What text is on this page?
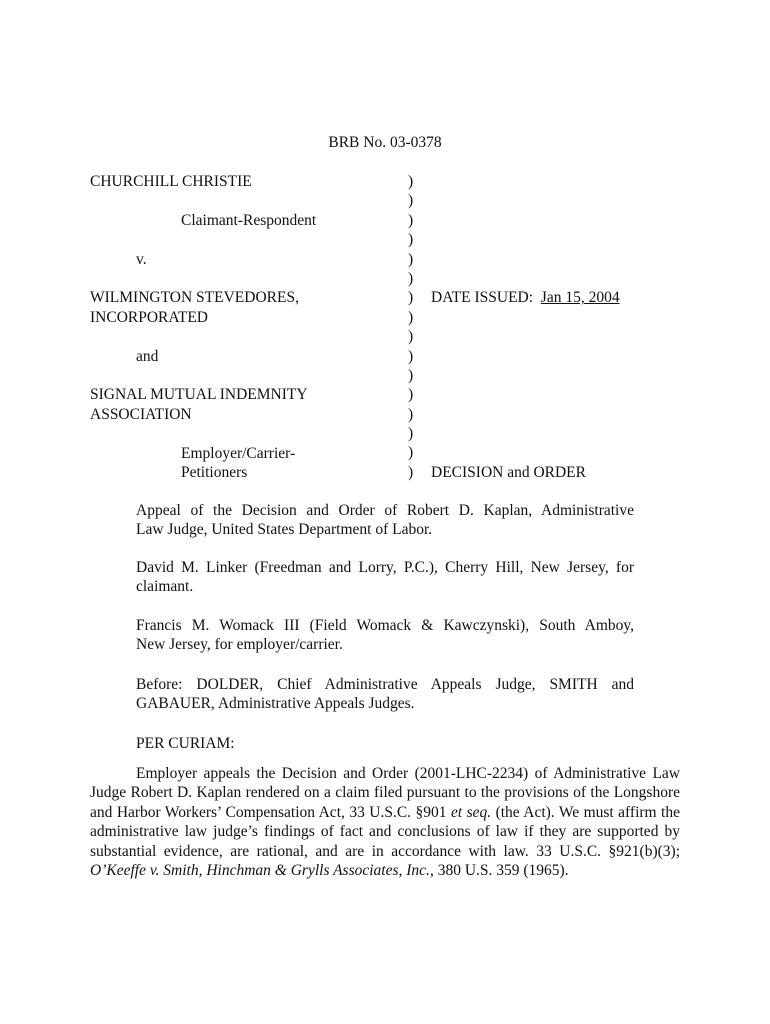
BRB No. 03-0378
CHURCHILL CHRISTIE
Claimant-Respondent
v.
WILMINGTON STEVEDORES,
INCORPORATED
and
SIGNAL MUTUAL INDEMNITY
ASSOCIATION
Employer/Carrier-
Petitioners
)
)
)
)
)
)
)
)
)
)
)
)
)
)
)
)
DATE ISSUED: Jan 15, 2004
DECISION and ORDER
Appeal of the Decision and Order of Robert D. Kaplan, Administrative
Law Judge, United States Department of Labor.
David M. Linker (Freedman and Lorry, P.C.), Cherry Hill, New Jersey, for
claimant.
Francis M. Womack III (Field Womack & Kawczynski), South Amboy,
New Jersey, for employer/carrier.
Before: DOLDER, Chief Administrative Appeals Judge, SMITH and
GABAUER, Administrative Appeals Judges.
PER CURIAM:
Employer appeals the Decision and Order (2001-LHC-2234) of Administrative Law Judge Robert D. Kaplan rendered on a claim filed pursuant to the provisions of the Longshore and Harbor Workers’ Compensation Act, 33 U.S.C. §901 et seq. (the Act). We must affirm the administrative law judge’s findings of fact and conclusions of law if they are supported by substantial evidence, are rational, and are in accordance with law. 33 U.S.C. §921(b)(3); O’Keeffe v. Smith, Hinchman & Grylls Associates, Inc., 380 U.S. 359 (1965).
